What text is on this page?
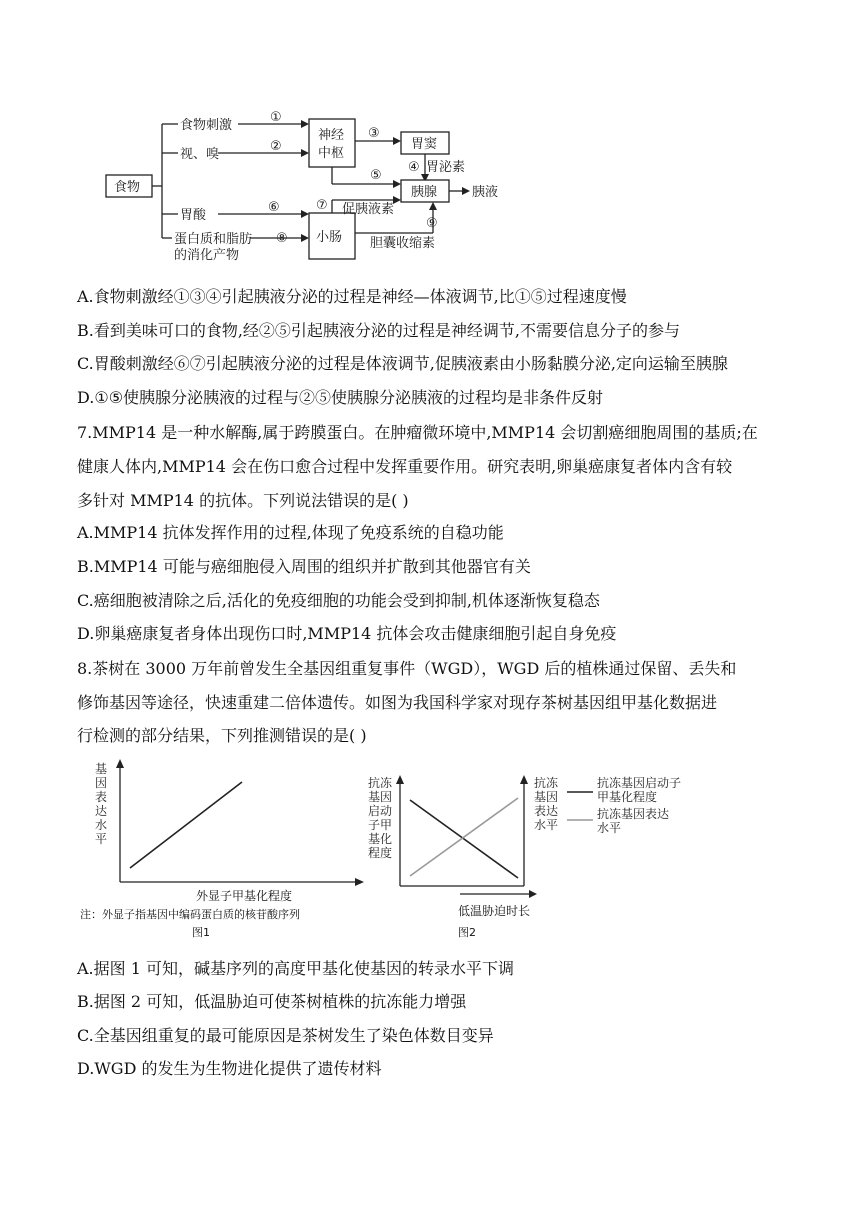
食物
食物刺激
视、嗅
胃酸
蛋白质和脂肪
的消化产物
①
②
神经
中枢
③
胃窦
④ 胃泌素
⑤
胰腺	胰液
⑥
⑧ 小肠
⑦ 促胰液素
⑨
胆囊收缩素
A.食物刺激经①③④引起胰液分泌的过程是神经—体液调节,比①⑤过程速度慢
B.看到美味可口的食物,经②⑤引起胰液分泌的过程是神经调节,不需要信息分子的参与
C.胃酸刺激经⑥⑦引起胰液分泌的过程是体液调节,促胰液素由小肠黏膜分泌,定向运输至胰腺
D.①⑤使胰腺分泌胰液的过程与②⑤使胰腺分泌胰液的过程均是非条件反射
7.MMP14 是一种水解酶,属于跨膜蛋白。在肿瘤微环境中,MMP14 会切割癌细胞周围的基质;在
健康人体内,MMP14 会在伤口愈合过程中发挥重要作用。研究表明,卵巢癌康复者体内含有较
多针对 MMP14 的抗体。下列说法错误的是( )
A.MMP14 抗体发挥作用的过程,体现了免疫系统的自稳功能
B.MMP14 可能与癌细胞侵入周围的组织并扩散到其他器官有关
C.癌细胞被清除之后,活化的免疫细胞的功能会受到抑制,机体逐渐恢复稳态
D.卵巢癌康复者身体出现伤口时,MMP14 抗体会攻击健康细胞引起自身免疫
8.茶树在 3000 万年前曾发生全基因组重复事件（WGD），WGD 后的植株通过保留、丢失和
修饰基因等途径，快速重建二倍体遗传。如图为我国科学家对现存茶树基因组甲基化数据进
行检测的部分结果，下列推测错误的是( )
基
因
表
达
水
平
外显子甲基化程度
注：外显子指基因中编码蛋白质的核苷酸序列
图1
抗冻
基因
启动
子甲
基化
程度
抗冻
基因
表达
水平
抗冻基因启动子
甲基化程度
抗冻基因表达
水平
低温胁迫时长
图2
A.据图 1 可知，碱基序列的高度甲基化使基因的转录水平下调
B.据图 2 可知，低温胁迫可使茶树植株的抗冻能力增强
C.全基因组重复的最可能原因是茶树发生了染色体数目变异
D.WGD 的发生为生物进化提供了遗传材料
